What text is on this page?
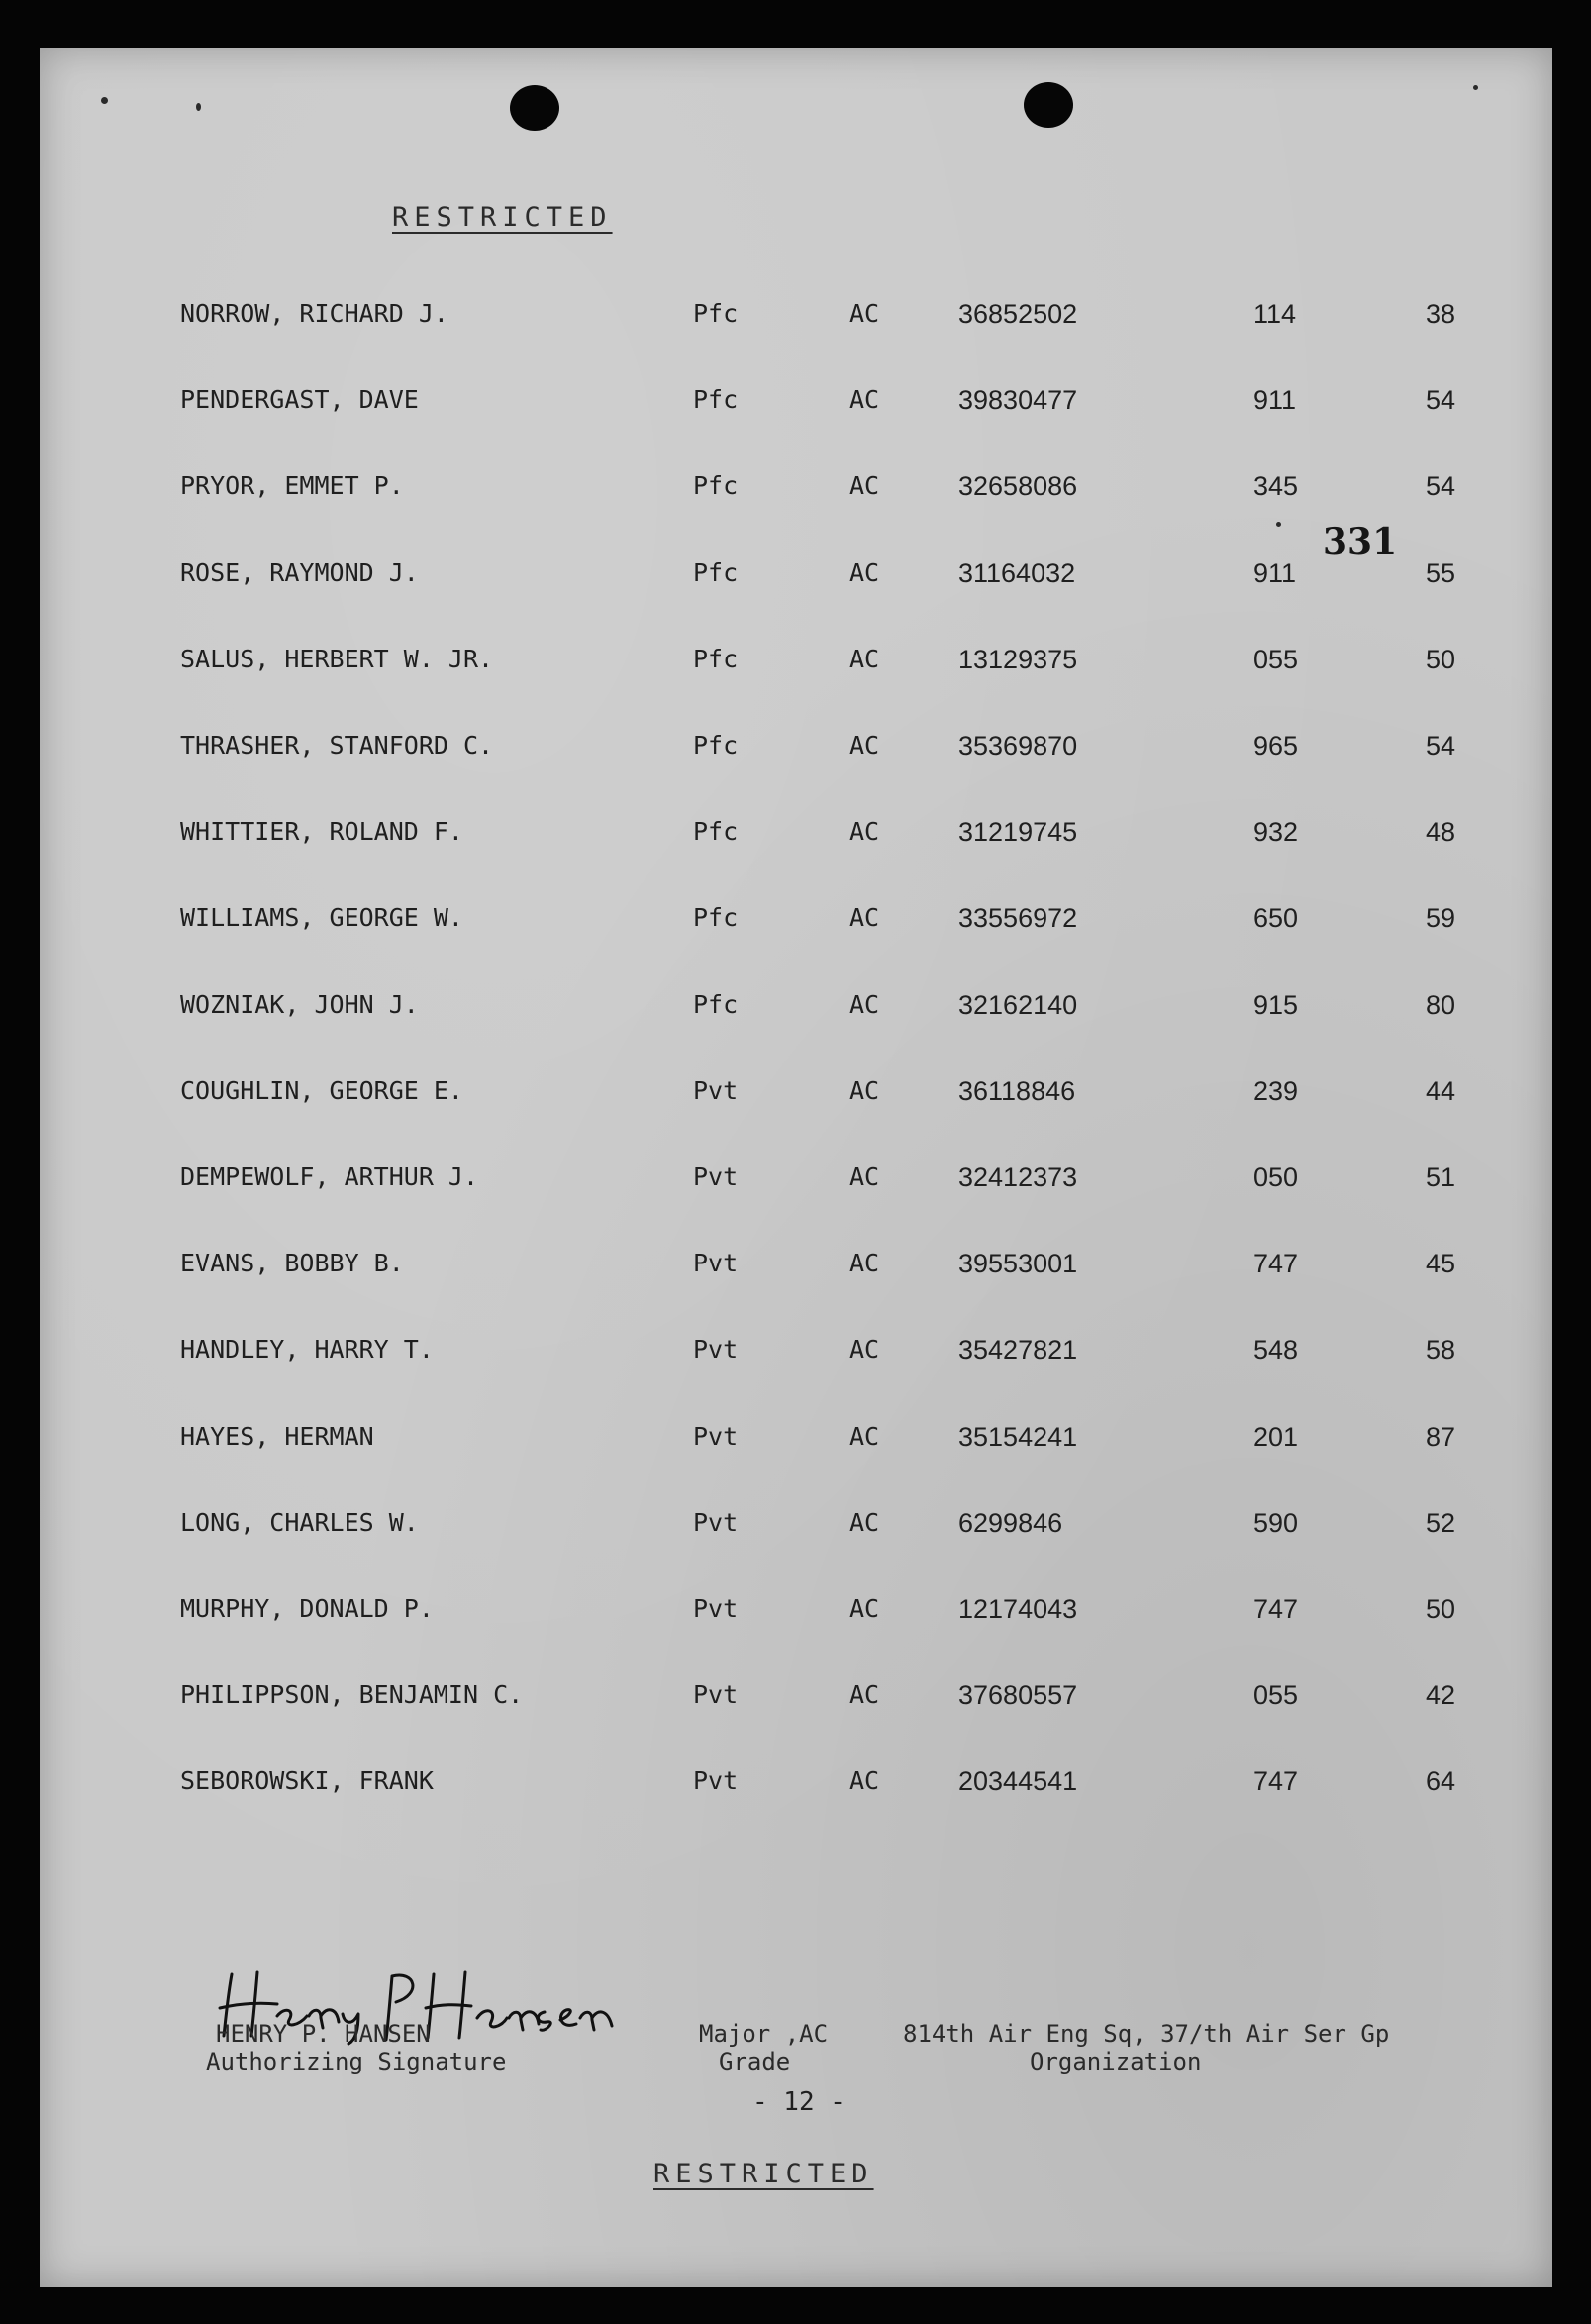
RESTRICTED
NORROW, RICHARD J.	Pfc	AC	36852502	114	38
PENDERGAST, DAVE	Pfc	AC	39830477	911	54
PRYOR, EMMET P.	Pfc	AC	32658086	345	54
ROSE, RAYMOND J.	Pfc	AC	31164032	911	55
SALUS, HERBERT W. JR.	Pfc	AC	13129375	055	50
THRASHER, STANFORD C.	Pfc	AC	35369870	965	54
WHITTIER, ROLAND F.	Pfc	AC	31219745	932	48
WILLIAMS, GEORGE W.	Pfc	AC	33556972	650	59
WOZNIAK, JOHN J.	Pfc	AC	32162140	915	80
COUGHLIN, GEORGE E.	Pvt	AC	36118846	239	44
DEMPEWOLF, ARTHUR J.	Pvt	AC	32412373	050	51
EVANS, BOBBY B.	Pvt	AC	39553001	747	45
HANDLEY, HARRY T.	Pvt	AC	35427821	548	58
HAYES, HERMAN	Pvt	AC	35154241	201	87
LONG, CHARLES W.	Pvt	AC	6299846	590	52
MURPHY, DONALD P.	Pvt	AC	12174043	747	50
PHILIPPSON, BENJAMIN C.	Pvt	AC	37680557	055	42
SEBOROWSKI, FRANK	Pvt	AC	20344541	747	64
331
HENRY P. HANSEN
Authorizing Signature
Major ,AC
Grade
814th Air Eng Sq, 37/th Air Ser Gp
Organization
- 12 -
RESTRICTED
